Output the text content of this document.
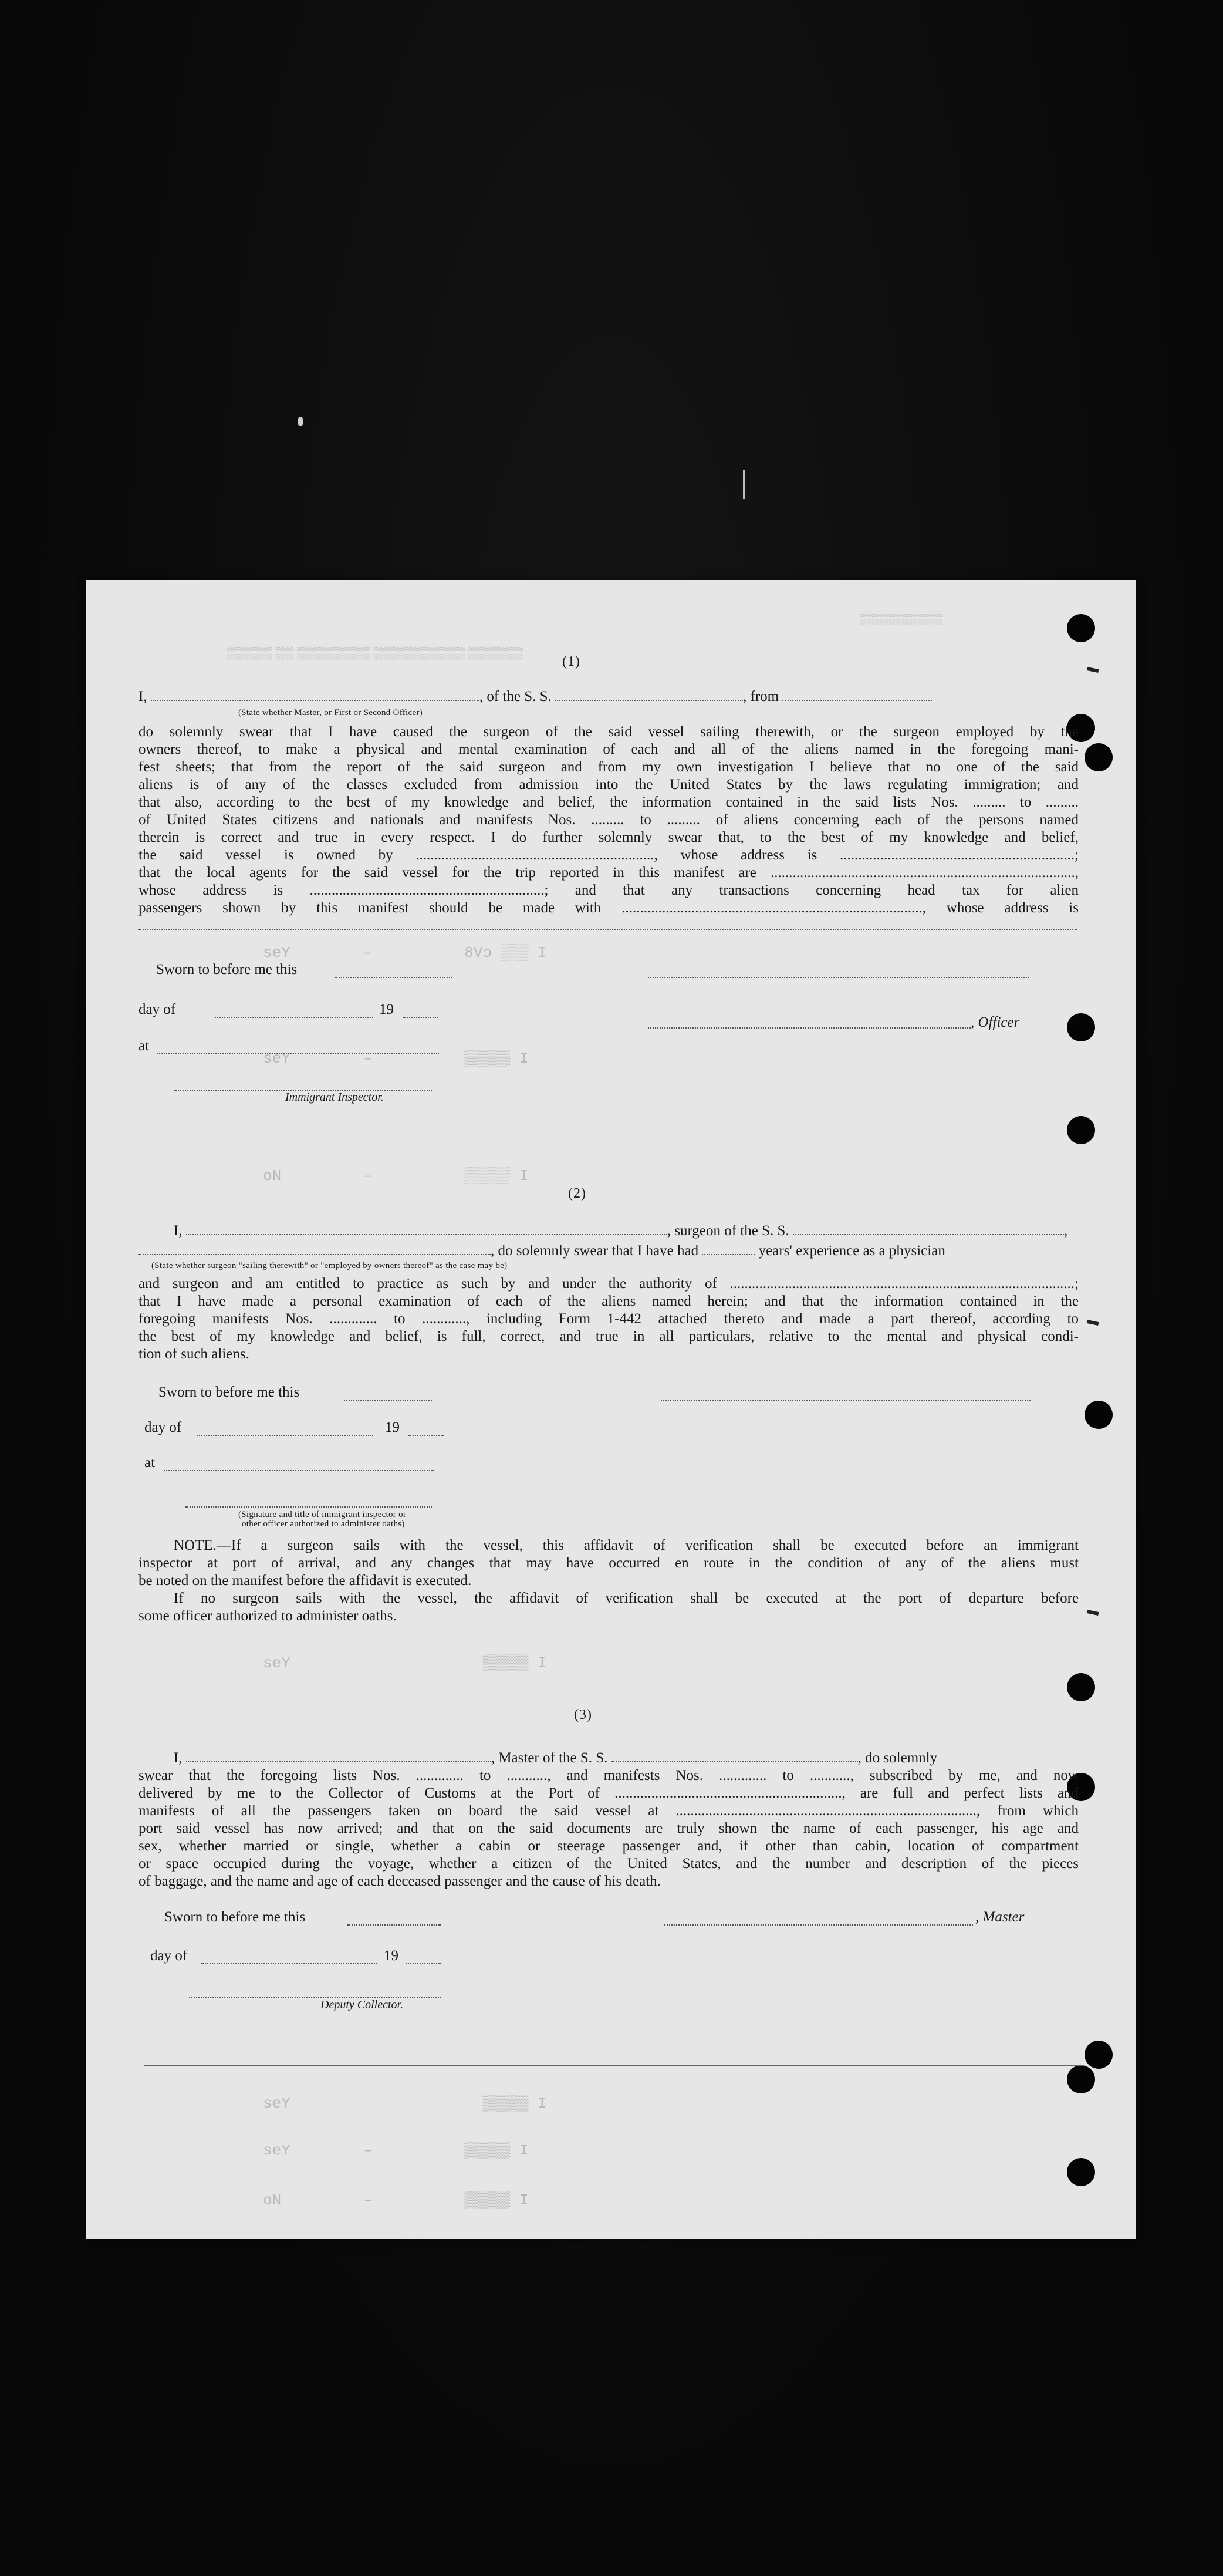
▒▒▒▒▒ ▒▒ ▒▒▒▒▒▒▒▒ ▒▒▒▒▒▒▒▒▒▒ ▒▒▒▒▒▒
▒▒▒▒▒▒▒▒▒
seY        –          8Vɔ ▒▒▒ I
seY        –          ▒▒▒▒▒ I
oN         –          ▒▒▒▒▒ I
seY                     ▒▒▒▒▒ I
seY                     ▒▒▒▒▒ I
seY        –          ▒▒▒▒▒ I
oN         –          ▒▒▒▒▒ I
(1)
I,	, of the S. S.	, from
(State whether Master, or First or Second Officer)
do solemnly swear that I have caused the surgeon of the said vessel sailing therewith, or the surgeon employed by the
owners thereof, to make a physical and mental examination of each and all of the aliens named in the foregoing mani-
fest sheets; that from the report of the said surgeon and from my own investigation I believe that no one of the said
aliens is of any of the classes excluded from admission into the United States by the laws regulating immigration; and
that also, according to the best of my knowledge and belief, the information contained in the said lists Nos. ......... to .........
of United States citizens and nationals and manifests Nos. ......... to ......... of aliens concerning each of the persons named
therein is correct and true in every respect. I do further solemnly swear that, to the best of my knowledge and belief,
the said vessel is owned by ................................................................., whose address is ................................................................;
that the local agents for the said vessel for the trip reported in this manifest are ...................................................................................,
whose address is ................................................................; and that any transactions concerning head tax for alien
passengers shown by this manifest should be made with .................................................................................., whose address is
Sworn to before me this
day of	19
, Officer
at
Immigrant Inspector.
(2)
I,	, surgeon of the S. S.	,
, do solemnly swear that I have had	years' experience as a physician
(State whether surgeon "sailing therewith" or "employed by owners thereof" as the case may be)
and surgeon and am entitled to practice as such by and under the authority of ..............................................................................................;
that I have made a personal examination of each of the aliens named herein; and that the information contained in the
foregoing manifests Nos. ............. to ............, including Form 1-442 attached thereto and made a part thereof, according to
the best of my knowledge and belief, is full, correct, and true in all particulars, relative to the mental and physical condi-
tion of such aliens.
Sworn to before me this
day of	19
at
(Signature and title of immigrant inspector or
other officer authorized to administer oaths)
NOTE.—If a surgeon sails with the vessel, this affidavit of verification shall be executed before an immigrant
inspector at port of arrival, and any changes that may have occurred en route in the condition of any of the aliens must
be noted on the manifest before the affidavit is executed.
If no surgeon sails with the vessel, the affidavit of verification shall be executed at the port of departure before
some officer authorized to administer oaths.
(3)
I,	, Master of the S. S.	, do solemnly
swear that the foregoing lists Nos. ............. to ..........., and manifests Nos. ............. to ..........., subscribed by me, and now
delivered by me to the Collector of Customs at the Port of .............................................................., are full and perfect lists and
manifests of all the passengers taken on board the said vessel at .................................................................................., from which
port said vessel has now arrived; and that on the said documents are truly shown the name of each passenger, his age and
sex, whether married or single, whether a cabin or steerage passenger and, if other than cabin, location of compartment
or space occupied during the voyage, whether a citizen of the United States, and the number and description of the pieces
of baggage, and the name and age of each deceased passenger and the cause of his death.
Sworn to before me this	, Master
day of	19
Deputy Collector.
